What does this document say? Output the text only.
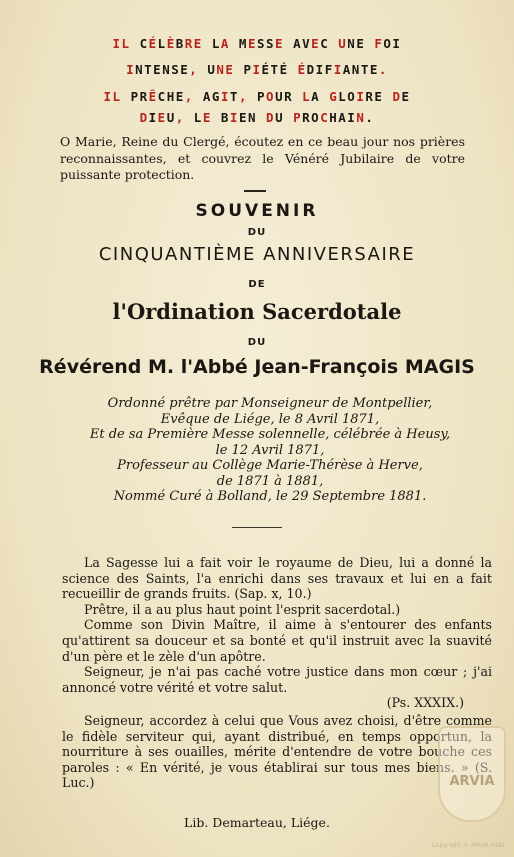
IL CÉLÈBRE LA MESSE AVEC UNE FOI
INTENSE, UNE PIÉTÉ ÉDIFIANTE.
IL PRÊCHE, AGIT, POUR LA GLOIRE DE
DIEU, LE BIEN DU PROCHAIN.
O Marie, Reine du Clergé, écoutez en ce beau jour nos prières reconnaissantes, et couvrez le Vénéré Jubilaire de votre puissante protection.
SOUVENIR
DU
CINQUANTIÈME ANNIVERSAIRE
DE
l'Ordination Sacerdotale
DU
Révérend M. l'Abbé Jean-François MAGIS
Ordonné prêtre par Monseigneur de Montpellier,
Evêque de Liége, le 8 Avril 1871,
Et de sa Première Messe solennelle, célébrée à Heusy,
le 12 Avril 1871,
Professeur au Collège Marie-Thérèse à Herve,
de 1871 à 1881,
Nommé Curé à Bolland, le 29 Septembre 1881.

La Sagesse lui a fait voir le royaume de Dieu, lui a donné la science des Saints, l'a enrichi dans ses travaux et lui en a fait recueillir de grands fruits. (Sap. x, 10.)

Prêtre, il a au plus haut point l'esprit sacerdotal.)

Comme son Divin Maître, il aime à s'entourer des enfants qu'attirent sa douceur et sa bonté et qu'il instruit avec la suavité d'un père et le zèle d'un apôtre.

Seigneur, je n'ai pas caché votre justice dans mon cœur ; j'ai annoncé votre vérité et votre salut.

(Ps. XXXIX.)

Seigneur, accordez à celui que Vous avez choisi, d'être comme le fidèle serviteur qui, ayant distribué, en temps opportun, la nourriture à ses ouailles, mérite d'entendre de votre bouche ces paroles : « En vérité, je vous établirai sur tous mes biens. » (S. Luc.)

Lib. Demarteau, Liége.
ARVIA
Copyright © ARVIA ASBL
